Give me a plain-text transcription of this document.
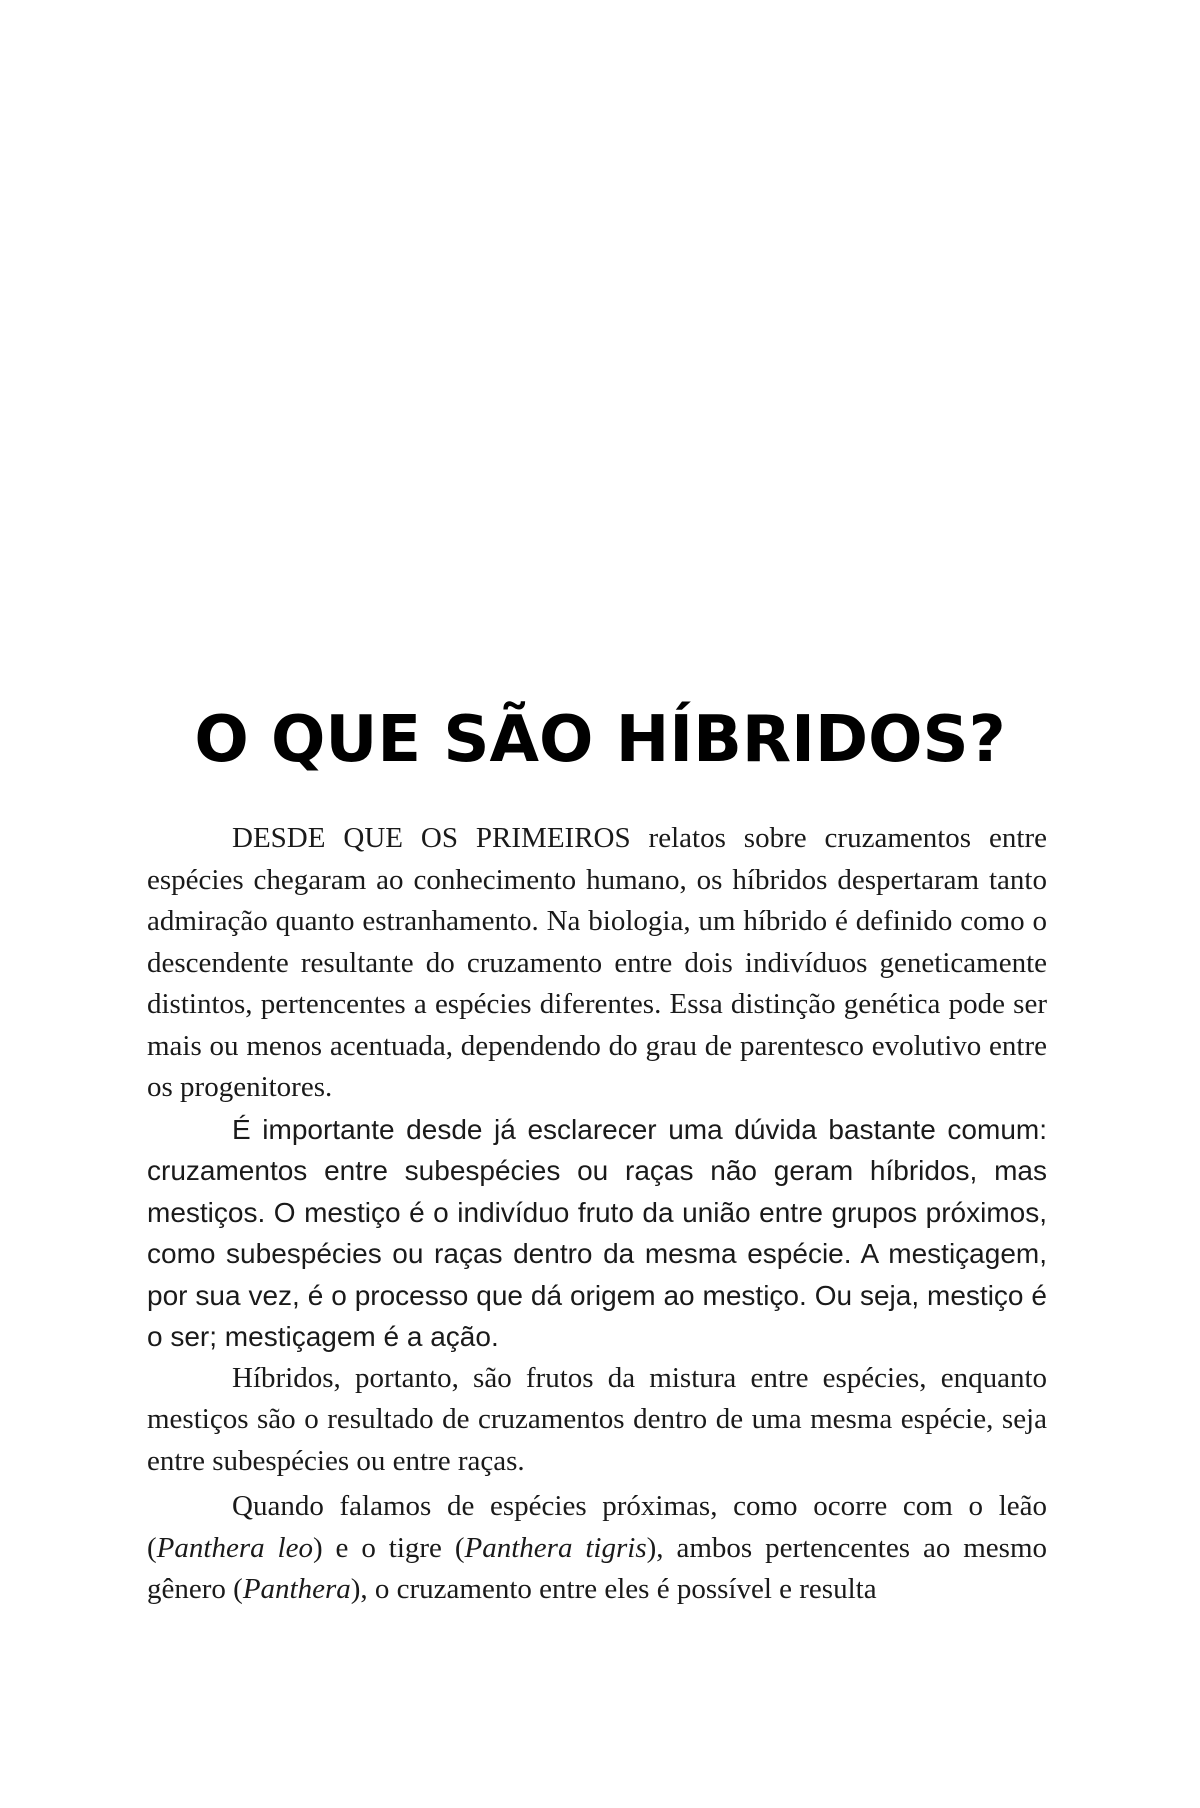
O QUE SÃO HÍBRIDOS?

DESDE QUE OS PRIMEIROS relatos sobre cruzamentos entre espécies chegaram ao conhecimento humano, os híbridos despertaram tanto admiração quanto estranhamento. Na biologia, um híbrido é definido como o descendente resultante do cruzamento entre dois indivíduos geneticamente distintos, pertencentes a espécies diferentes. Essa distinção genética pode ser mais ou menos acentuada, dependendo do grau de parentesco evolutivo entre os progenitores.

É importante desde já esclarecer uma dúvida bastante comum: cruzamentos entre subespécies ou raças não geram híbridos, mas mestiços. O mestiço é o indivíduo fruto da união entre grupos próximos, como subespécies ou raças dentro da mesma espécie. A mestiçagem, por sua vez, é o processo que dá origem ao mestiço. Ou seja, mestiço é o ser; mestiçagem é a ação.

Híbridos, portanto, são frutos da mistura entre espécies, enquanto mestiços são o resultado de cruzamentos dentro de uma mesma espécie, seja entre subespécies ou entre raças.

Quando falamos de espécies próximas, como ocorre com o leão (Panthera leo) e o tigre (Panthera tigris), ambos pertencentes ao mesmo gênero (Panthera), o cruzamento entre eles é possível e resulta
